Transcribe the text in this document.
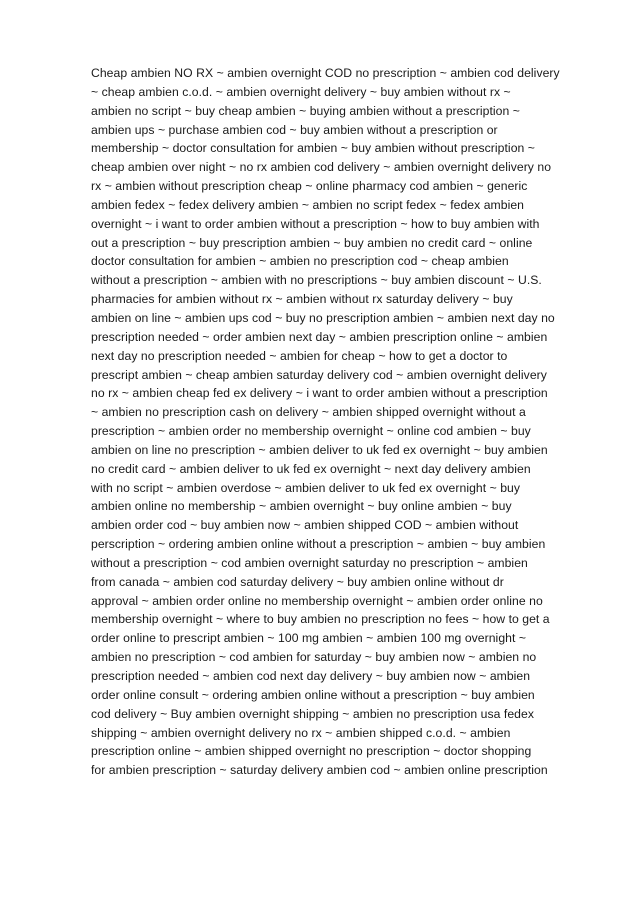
Cheap ambien NO RX ~ ambien overnight COD no prescription ~ ambien cod delivery
~ cheap ambien c.o.d. ~ ambien overnight delivery ~ buy ambien without rx ~
ambien no script ~ buy cheap ambien ~ buying ambien without a prescription ~
ambien ups ~ purchase ambien cod ~ buy ambien without a prescription or
membership ~ doctor consultation for ambien ~ buy ambien without prescription ~
cheap ambien over night ~ no rx ambien cod delivery ~ ambien overnight delivery no
rx ~ ambien without prescription cheap ~ online pharmacy cod ambien ~ generic
ambien fedex ~ fedex delivery ambien ~ ambien no script fedex ~ fedex ambien
overnight ~ i want to order ambien without a prescription ~ how to buy ambien with
out a prescription ~ buy prescription ambien ~ buy ambien no credit card ~ online
doctor consultation for ambien ~ ambien no prescription cod ~ cheap ambien
without a prescription ~ ambien with no prescriptions ~ buy ambien discount ~ U.S.
pharmacies for ambien without rx ~ ambien without rx saturday delivery ~ buy
ambien on line ~ ambien ups cod ~ buy no prescription ambien ~ ambien next day no
prescription needed ~ order ambien next day ~ ambien prescription online ~ ambien
next day no prescription needed ~ ambien for cheap ~ how to get a doctor to
prescript ambien ~ cheap ambien saturday delivery cod ~ ambien overnight delivery
no rx ~ ambien cheap fed ex delivery ~ i want to order ambien without a prescription
~ ambien no prescription cash on delivery ~ ambien shipped overnight without a
prescription ~ ambien order no membership overnight ~ online cod ambien ~ buy
ambien on line no prescription ~ ambien deliver to uk fed ex overnight ~ buy ambien
no credit card ~ ambien deliver to uk fed ex overnight ~ next day delivery ambien
with no script ~ ambien overdose ~ ambien deliver to uk fed ex overnight ~ buy
ambien online no membership ~ ambien overnight ~ buy online ambien ~ buy
ambien order cod ~ buy ambien now ~ ambien shipped COD ~ ambien without
perscription ~ ordering ambien online without a prescription ~ ambien ~ buy ambien
without a prescription ~ cod ambien overnight saturday no prescription ~ ambien
from canada ~ ambien cod saturday delivery ~ buy ambien online without dr
approval ~ ambien order online no membership overnight ~ ambien order online no
membership overnight ~ where to buy ambien no prescription no fees ~ how to get a
order online to prescript ambien ~ 100 mg ambien ~ ambien 100 mg overnight ~
ambien no prescription ~ cod ambien for saturday ~ buy ambien now ~ ambien no
prescription needed ~ ambien cod next day delivery ~ buy ambien now ~ ambien
order online consult ~ ordering ambien online without a prescription ~ buy ambien
cod delivery ~ Buy ambien overnight shipping ~ ambien no prescription usa fedex
shipping ~ ambien overnight delivery no rx ~ ambien shipped c.o.d. ~ ambien
prescription online ~ ambien shipped overnight no prescription ~ doctor shopping
for ambien prescription ~ saturday delivery ambien cod ~ ambien online prescription
